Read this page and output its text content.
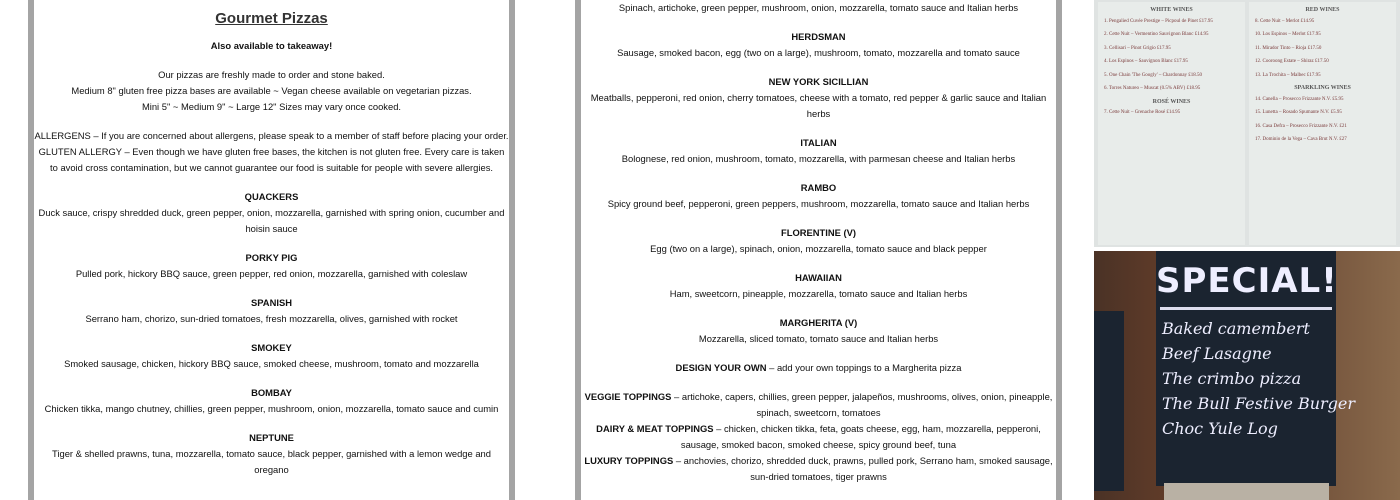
Gourmet Pizzas
Also available to takeaway!
Our pizzas are freshly made to order and stone baked.
Medium 8" gluten free pizza bases are available ~ Vegan cheese available on vegetarian pizzas.
Mini 5" ~ Medium 9" ~ Large 12" Sizes may vary once cooked.
ALLERGENS – If you are concerned about allergens, please speak to a member of staff before placing your order.
GLUTEN ALLERGY – Even though we have gluten free bases, the kitchen is not gluten free. Every care is taken to avoid cross contamination, but we cannot guarantee our food is suitable for people with severe allergies.
QUACKERS
Duck sauce, crispy shredded duck, green pepper, onion, mozzarella, garnished with spring onion, cucumber and hoisin sauce
PORKY PIG
Pulled pork, hickory BBQ sauce, green pepper, red onion, mozzarella, garnished with coleslaw
SPANISH
Serrano ham, chorizo, sun-dried tomatoes, fresh mozzarella, olives, garnished with rocket
SMOKEY
Smoked sausage, chicken, hickory BBQ sauce, smoked cheese, mushroom, tomato and mozzarella
BOMBAY
Chicken tikka, mango chutney, chillies, green pepper, mushroom, onion, mozzarella, tomato sauce and cumin
NEPTUNE
Tiger & shelled prawns, tuna, mozzarella, tomato sauce, black pepper, garnished with a lemon wedge and oregano
Spinach, artichoke, green pepper, mushroom, onion, mozzarella, tomato sauce and Italian herbs
HERDSMAN
Sausage, smoked bacon, egg (two on a large), mushroom, tomato, mozzarella and tomato sauce
NEW YORK SICILLIAN
Meatballs, pepperoni, red onion, cherry tomatoes, cheese with a tomato, red pepper & garlic sauce and Italian herbs
ITALIAN
Bolognese, red onion, mushroom, tomato, mozzarella, with parmesan cheese and Italian herbs
RAMBO
Spicy ground beef, pepperoni, green peppers, mushroom, mozzarella, tomato sauce and Italian herbs
FLORENTINE (V)
Egg (two on a large), spinach, onion, mozzarella, tomato sauce and black pepper
HAWAIIAN
Ham, sweetcorn, pineapple, mozzarella, tomato sauce and Italian herbs
MARGHERITA (V)
Mozzarella, sliced tomato, tomato sauce and Italian herbs
DESIGN YOUR OWN – add your own toppings to a Margherita pizza
VEGGIE TOPPINGS – artichoke, capers, chillies, green pepper, jalapeños, mushrooms, olives, onion, pineapple, spinach, sweetcorn, tomatoes
DAIRY & MEAT TOPPINGS – chicken, chicken tikka, feta, goats cheese, egg, ham, mozzarella, pepperoni, sausage, smoked bacon, smoked cheese, spicy ground beef, tuna
LUXURY TOPPINGS – anchovies, chorizo, shredded duck, prawns, pulled pork, Serrano ham, smoked sausage, sun-dried tomatoes, tiger prawns
WHITE WINES
1. Pengalied Cuvée Prestige – Picpoul de Pinet £17.95
2. Cette Nuit – Vermentino Sauvignon Blanc £14.95
3. Cellisari – Pinot Grigio £17.95
4. Los Espinos – Sauvignon Blanc £17.95
5. One Chain 'The Googly' – Chardonnay £18.50
6. Torres Natureo – Muscat (0.5% ABV) £18.95
ROSÉ WINES
7. Cette Nuit – Grenache Rosé £14.95
RED WINES
8. Cette Nuit – Merlot £14.95
10. Los Espinos – Merlot £17.95
11. Mirador Tinto – Rioja £17.50
12. Cooroong Estate – Shiraz £17.50
13. La Trochita – Malbec £17.95
SPARKLING WINES
14. Canella – Prosecco Frizzante N.V. £5.95
15. Lunetta – Rosado Spumante N.V. £5.95
16. Casa Defra – Prosecco Frizzante N.V. £21
17. Dominio de la Vega – Cava Brut N.V. £27
SPECIAL!
Baked camembert
Beef Lasagne
The crimbo pizza
The Bull Festive Burger
Choc Yule Log
